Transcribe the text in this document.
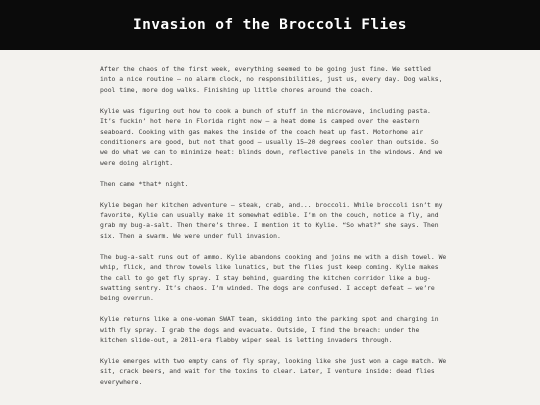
Invasion of the Broccoli Flies

After the chaos of the first week, everything seemed to be going just fine. We settled into a nice routine – no alarm clock, no responsibilities, just us, every day. Dog walks, pool time, more dog walks. Finishing up little chores around the coach.

Kylie was figuring out how to cook a bunch of stuff in the microwave, including pasta. It’s fuckin’ hot here in Florida right now – a heat dome is camped over the eastern seaboard. Cooking with gas makes the inside of the coach heat up fast. Motorhome air conditioners are good, but not that good – usually 15–20 degrees cooler than outside. So we do what we can to minimize heat: blinds down, reflective panels in the windows. And we were doing alright.

Then came *that* night.

Kylie began her kitchen adventure – steak, crab, and... broccoli. While broccoli isn’t my favorite, Kylie can usually make it somewhat edible. I’m on the couch, notice a fly, and grab my bug-a-salt. Then there’s three. I mention it to Kylie. “So what?” she says. Then six. Then a swarm. We were under full invasion.

The bug-a-salt runs out of ammo. Kylie abandons cooking and joins me with a dish towel. We whip, flick, and throw towels like lunatics, but the flies just keep coming. Kylie makes the call to go get fly spray. I stay behind, guarding the kitchen corridor like a bug-swatting sentry. It’s chaos. I’m winded. The dogs are confused. I accept defeat – we’re being overrun.

Kylie returns like a one-woman SWAT team, skidding into the parking spot and charging in with fly spray. I grab the dogs and evacuate. Outside, I find the breach: under the kitchen slide-out, a 2011-era flabby wiper seal is letting invaders through.

Kylie emerges with two empty cans of fly spray, looking like she just won a cage match. We sit, crack beers, and wait for the toxins to clear. Later, I venture inside: dead flies everywhere.
